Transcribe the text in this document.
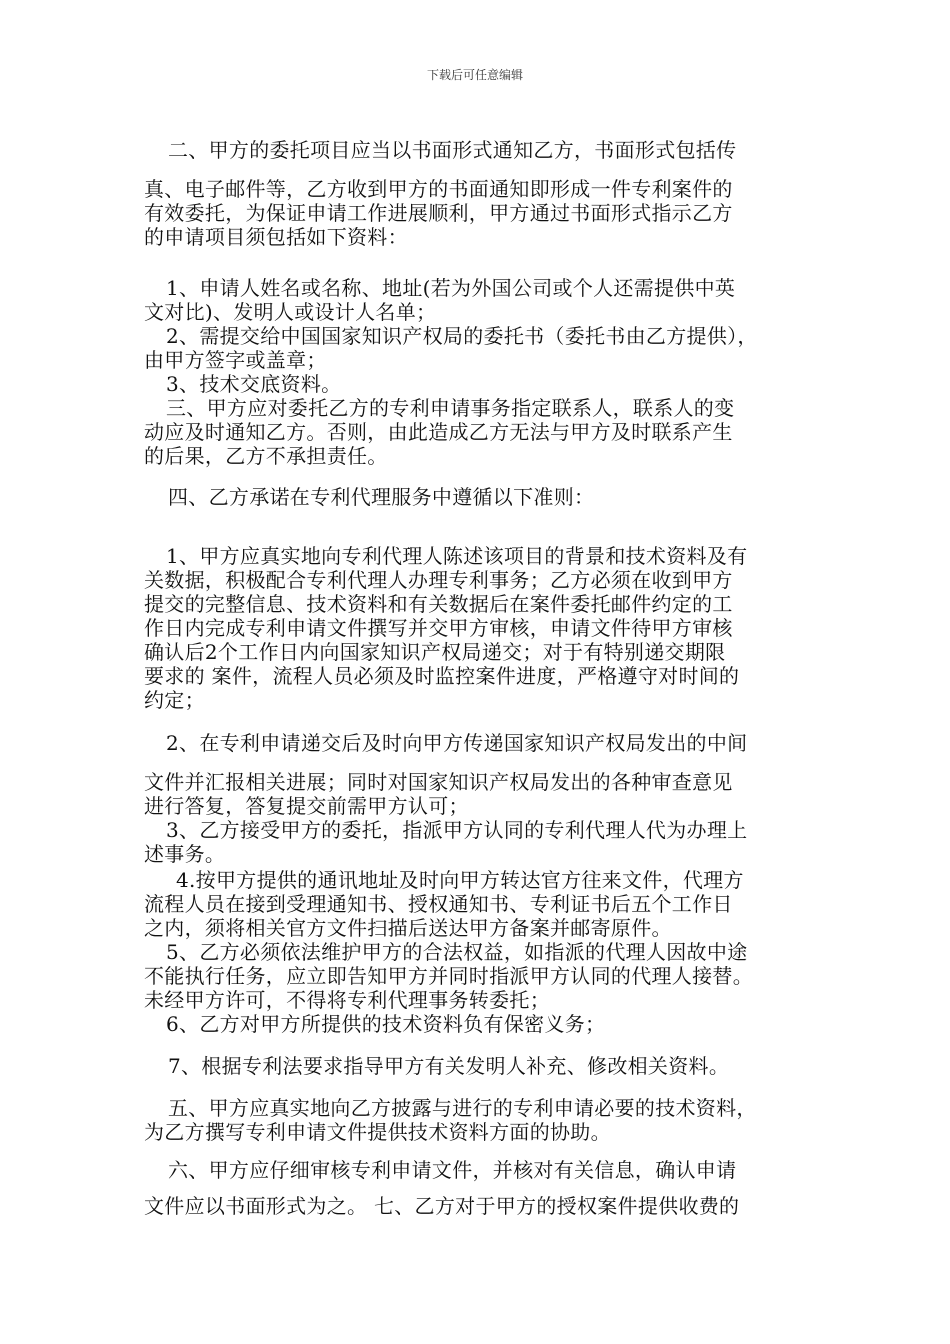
下载后可任意编辑
二、甲方的委托项目应当以书面形式通知乙方，书面形式包括传
真、电子邮件等，乙方收到甲方的书面通知即形成一件专利案件的
有效委托，为保证申请工作进展顺利，甲方通过书面形式指示乙方
的申请项目须包括如下资料：
1、申请人姓名或名称、地址(若为外国公司或个人还需提供中英
文对比)、发明人或设计人名单；
2、需提交给中国国家知识产权局的委托书（委托书由乙方提供），
由甲方签字或盖章；
3、技术交底资料。
三、甲方应对委托乙方的专利申请事务指定联系人，联系人的变
动应及时通知乙方。否则，由此造成乙方无法与甲方及时联系产生
的后果，乙方不承担责任。
四、乙方承诺在专利代理服务中遵循以下准则：
1、甲方应真实地向专利代理人陈述该项目的背景和技术资料及有
关数据，积极配合专利代理人办理专利事务；乙方必须在收到甲方
提交的完整信息、技术资料和有关数据后在案件委托邮件约定的工
作日内完成专利申请文件撰写并交甲方审核，申请文件待甲方审核
确认后2个工作日内向国家知识产权局递交；对于有特别递交期限
要求的 案件，流程人员必须及时监控案件进度，严格遵守对时间的
约定；
2、在专利申请递交后及时向甲方传递国家知识产权局发出的中间
文件并汇报相关进展；同时对国家知识产权局发出的各种审查意见
进行答复，答复提交前需甲方认可；
3、乙方接受甲方的委托，指派甲方认同的专利代理人代为办理上
述事务。
4.按甲方提供的通讯地址及时向甲方转达官方往来文件，代理方
流程人员在接到受理通知书、授权通知书、专利证书后五个工作日
之内，须将相关官方文件扫描后送达甲方备案并邮寄原件。
5、乙方必须依法维护甲方的合法权益，如指派的代理人因故中途
不能执行任务，应立即告知甲方并同时指派甲方认同的代理人接替。
未经甲方许可，不得将专利代理事务转委托；
6、乙方对甲方所提供的技术资料负有保密义务；
7、根据专利法要求指导甲方有关发明人补充、修改相关资料。
五、甲方应真实地向乙方披露与进行的专利申请必要的技术资料，
为乙方撰写专利申请文件提供技术资料方面的协助。
六、甲方应仔细审核专利申请文件，并核对有关信息，确认申请
文件应以书面形式为之。 七、乙方对于甲方的授权案件提供收费的
